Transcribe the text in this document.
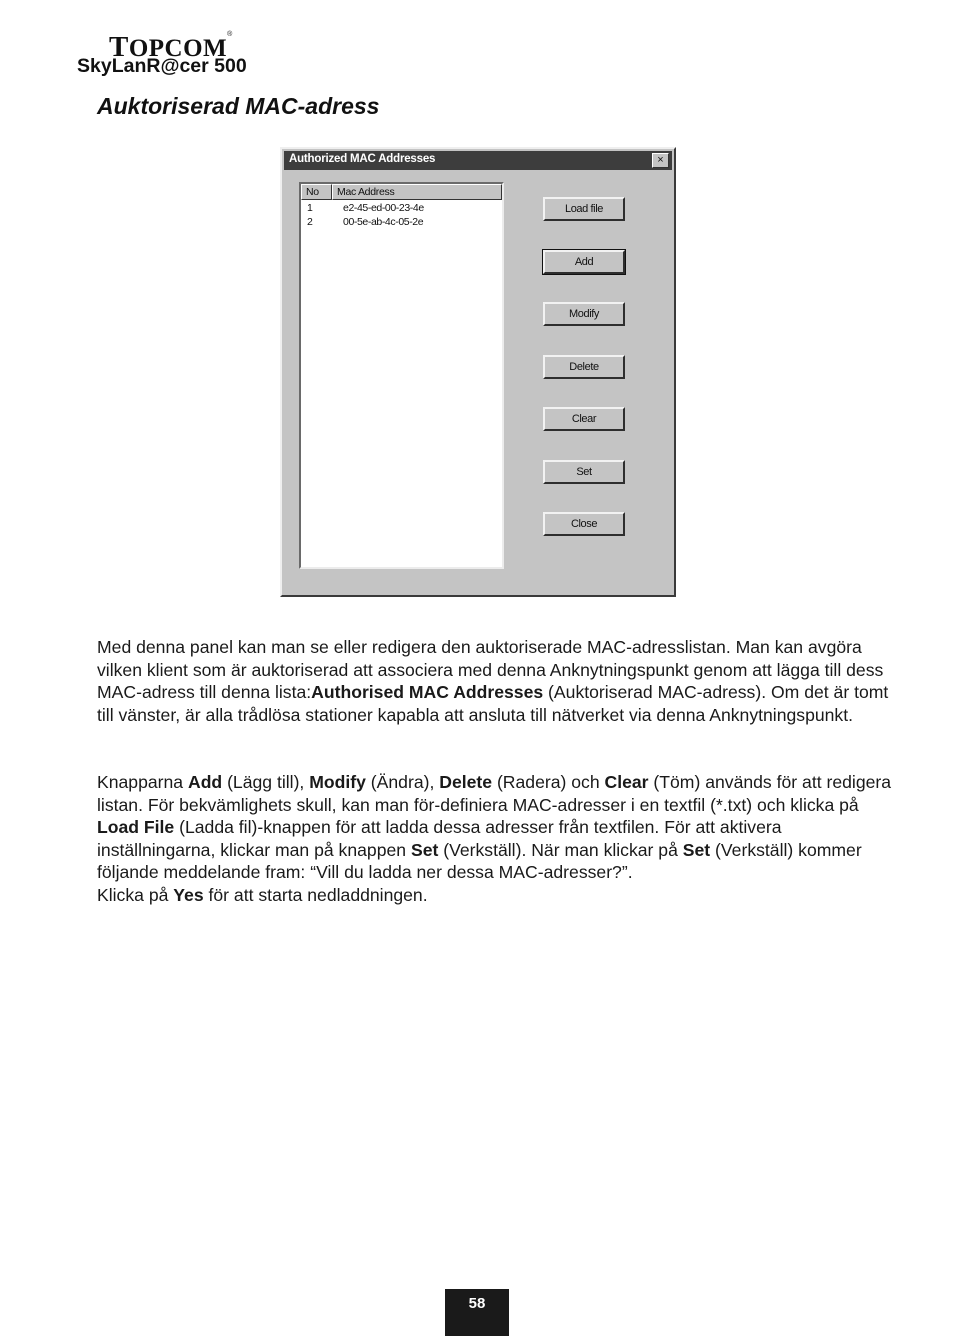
TOPCOM®
SkyLanR@cer 500
Auktoriserad MAC-adress
Authorized MAC Addresses	×
No	Mac Address
1	e2-45-ed-00-23-4e
2	00-5e-ab-4c-05-2e
Load file
Add
Modify
Delete
Clear
Set
Close
Med denna panel kan man se eller redigera den auktoriserade MAC-adresslistan. Man kan avgöra vilken klient som är auktoriserad att associera med denna Anknytningspunkt genom att lägga till dess MAC-adress till denna lista:Authorised MAC Addresses (Auktoriserad MAC-adress). Om det är tomt till vänster, är alla trådlösa stationer kapabla att ansluta till nätverket via denna Anknytningspunkt.
Knapparna Add (Lägg till), Modify (Ändra), Delete (Radera) och Clear (Töm) används för att redigera listan. För bekvämlighets skull, kan man för-definiera MAC-adresser i en textfil (*.txt) och klicka på Load File (Ladda fil)-knappen för att ladda dessa adresser från textfilen. För att aktivera inställningarna, klickar man på knappen Set (Verkställ). När man klickar på Set (Verkställ) kommer följande meddelande fram: “Vill du ladda ner dessa MAC-adresser?”.
Klicka på Yes för att starta nedladdningen.
58
